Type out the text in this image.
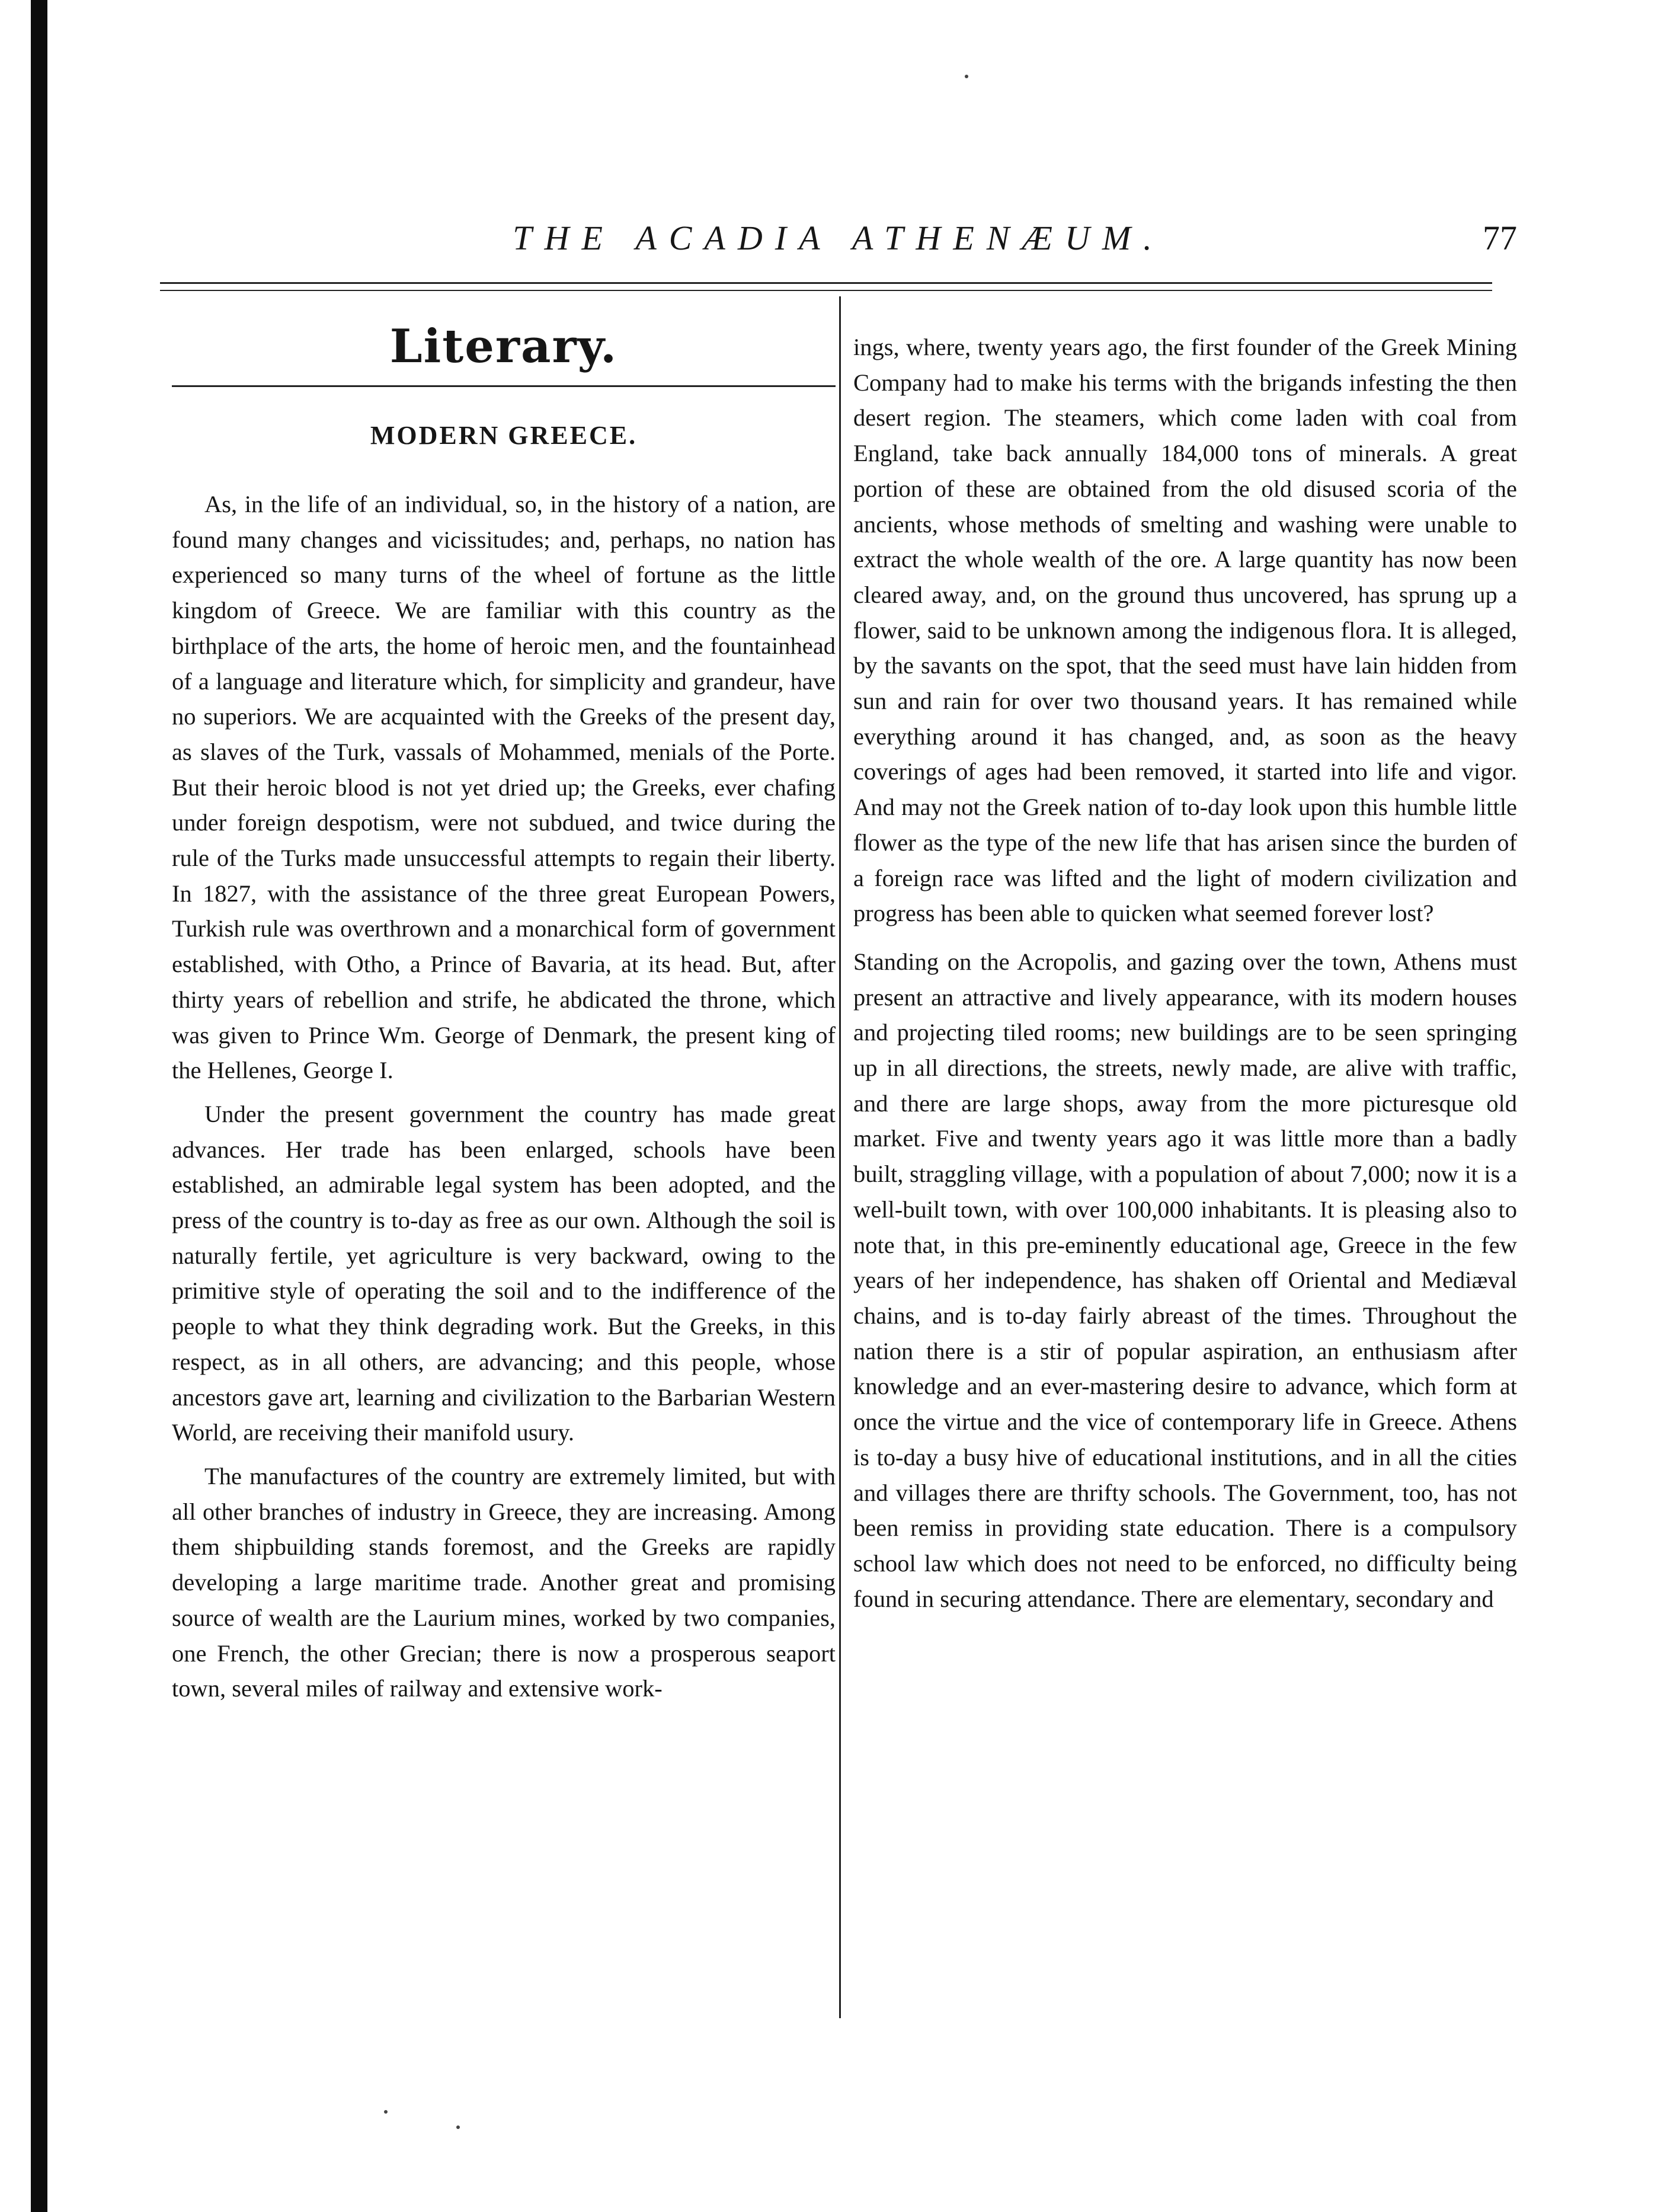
THE ACADIA ATHENÆUM.	77
Literary.
MODERN GREECE.

As, in the life of an individual, so, in the history of a nation, are found many changes and vicissitudes; and, perhaps, no nation has experienced so many turns of the wheel of fortune as the little kingdom of Greece. We are familiar with this country as the birthplace of the arts, the home of heroic men, and the fountainhead of a language and literature which, for simplicity and grandeur, have no superiors. We are acquainted with the Greeks of the present day, as slaves of the Turk, vassals of Mohammed, menials of the Porte. But their heroic blood is not yet dried up; the Greeks, ever chafing under foreign despotism, were not subdued, and twice during the rule of the Turks made unsuccessful attempts to regain their liberty. In 1827, with the assistance of the three great European Powers, Turkish rule was overthrown and a monarchical form of government established, with Otho, a Prince of Bavaria, at its head. But, after thirty years of rebellion and strife, he abdicated the throne, which was given to Prince Wm. George of Denmark, the present king of the Hellenes, George I.

Under the present government the country has made great advances. Her trade has been enlarged, schools have been established, an admirable legal system has been adopted, and the press of the country is to-day as free as our own. Although the soil is naturally fertile, yet agriculture is very backward, owing to the primitive style of operating the soil and to the indifference of the people to what they think degrading work. But the Greeks, in this respect, as in all others, are advancing; and this people, whose ancestors gave art, learning and civilization to the Barbarian Western World, are receiving their manifold usury.

The manufactures of the country are extremely limited, but with all other branches of industry in Greece, they are increasing. Among them shipbuilding stands foremost, and the Greeks are rapidly developing a large maritime trade. Another great and promising source of wealth are the Laurium mines, worked by two companies, one French, the other Grecian; there is now a prosperous seaport town, several miles of railway and extensive work-

ings, where, twenty years ago, the first founder of the Greek Mining Company had to make his terms with the brigands infesting the then desert region. The steamers, which come laden with coal from England, take back annually 184,000 tons of minerals. A great portion of these are obtained from the old disused scoria of the ancients, whose methods of smelting and washing were unable to extract the whole wealth of the ore. A large quantity has now been cleared away, and, on the ground thus uncovered, has sprung up a flower, said to be unknown among the indigenous flora. It is alleged, by the savants on the spot, that the seed must have lain hidden from sun and rain for over two thousand years. It has remained while everything around it has changed, and, as soon as the heavy coverings of ages had been removed, it started into life and vigor. And may not the Greek nation of to-day look upon this humble little flower as the type of the new life that has arisen since the burden of a foreign race was lifted and the light of modern civilization and progress has been able to quicken what seemed forever lost?

Standing on the Acropolis, and gazing over the town, Athens must present an attractive and lively appearance, with its modern houses and projecting tiled rooms; new buildings are to be seen springing up in all directions, the streets, newly made, are alive with traffic, and there are large shops, away from the more picturesque old market. Five and twenty years ago it was little more than a badly built, straggling village, with a population of about 7,000; now it is a well-built town, with over 100,000 inhabitants. It is pleasing also to note that, in this pre-eminently educational age, Greece in the few years of her independence, has shaken off Oriental and Mediæval chains, and is to-day fairly abreast of the times. Throughout the nation there is a stir of popular aspiration, an enthusiasm after knowledge and an ever-mastering desire to advance, which form at once the virtue and the vice of contemporary life in Greece. Athens is to-day a busy hive of educational institutions, and in all the cities and villages there are thrifty schools. The Government, too, has not been remiss in providing state education. There is a compulsory school law which does not need to be enforced, no difficulty being found in securing attendance. There are elementary, secondary and
